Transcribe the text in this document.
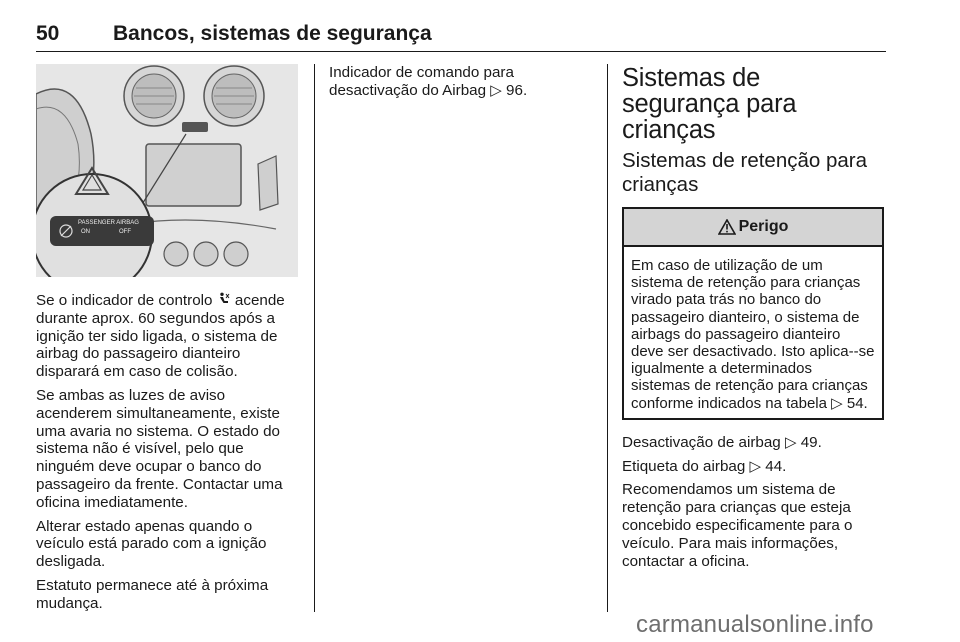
50	Bancos, sistemas de segurança
PASSENGER AIRBAG
ON	OFF

Se o indicador de controlo  acende durante aprox. 60 segundos após a ignição ter sido ligada, o sistema de airbag do passageiro dianteiro disparará em caso de colisão.

Se ambas as luzes de aviso acenderem simultaneamente, existe uma avaria no sistema. O estado do sistema não é visível, pelo que ninguém deve ocupar o banco do passageiro da frente. Contactar uma oficina imediatamente.

Alterar estado apenas quando o veículo está parado com a ignição desligada.

Estatuto permanece até à próxima mudança.

Indicador de comando para desactivação do Airbag ▷ 96.	Sistemas de segurança para crianças
Sistemas de retenção para crianças
Perigo

Em caso de utilização de um sistema de retenção para crianças virado pata trás no banco do passageiro dianteiro, o sistema de airbags do passageiro dianteiro deve ser desactivado. Isto aplica--se igualmente a determinados sistemas de retenção para crianças conforme indicados na tabela ▷ 54.

Desactivação de airbag ▷ 49.

Etiqueta do airbag ▷ 44.

Recomendamos um sistema de retenção para crianças que esteja concebido especificamente para o veículo. Para mais informações, contactar a oficina.

carmanualsonline.info
